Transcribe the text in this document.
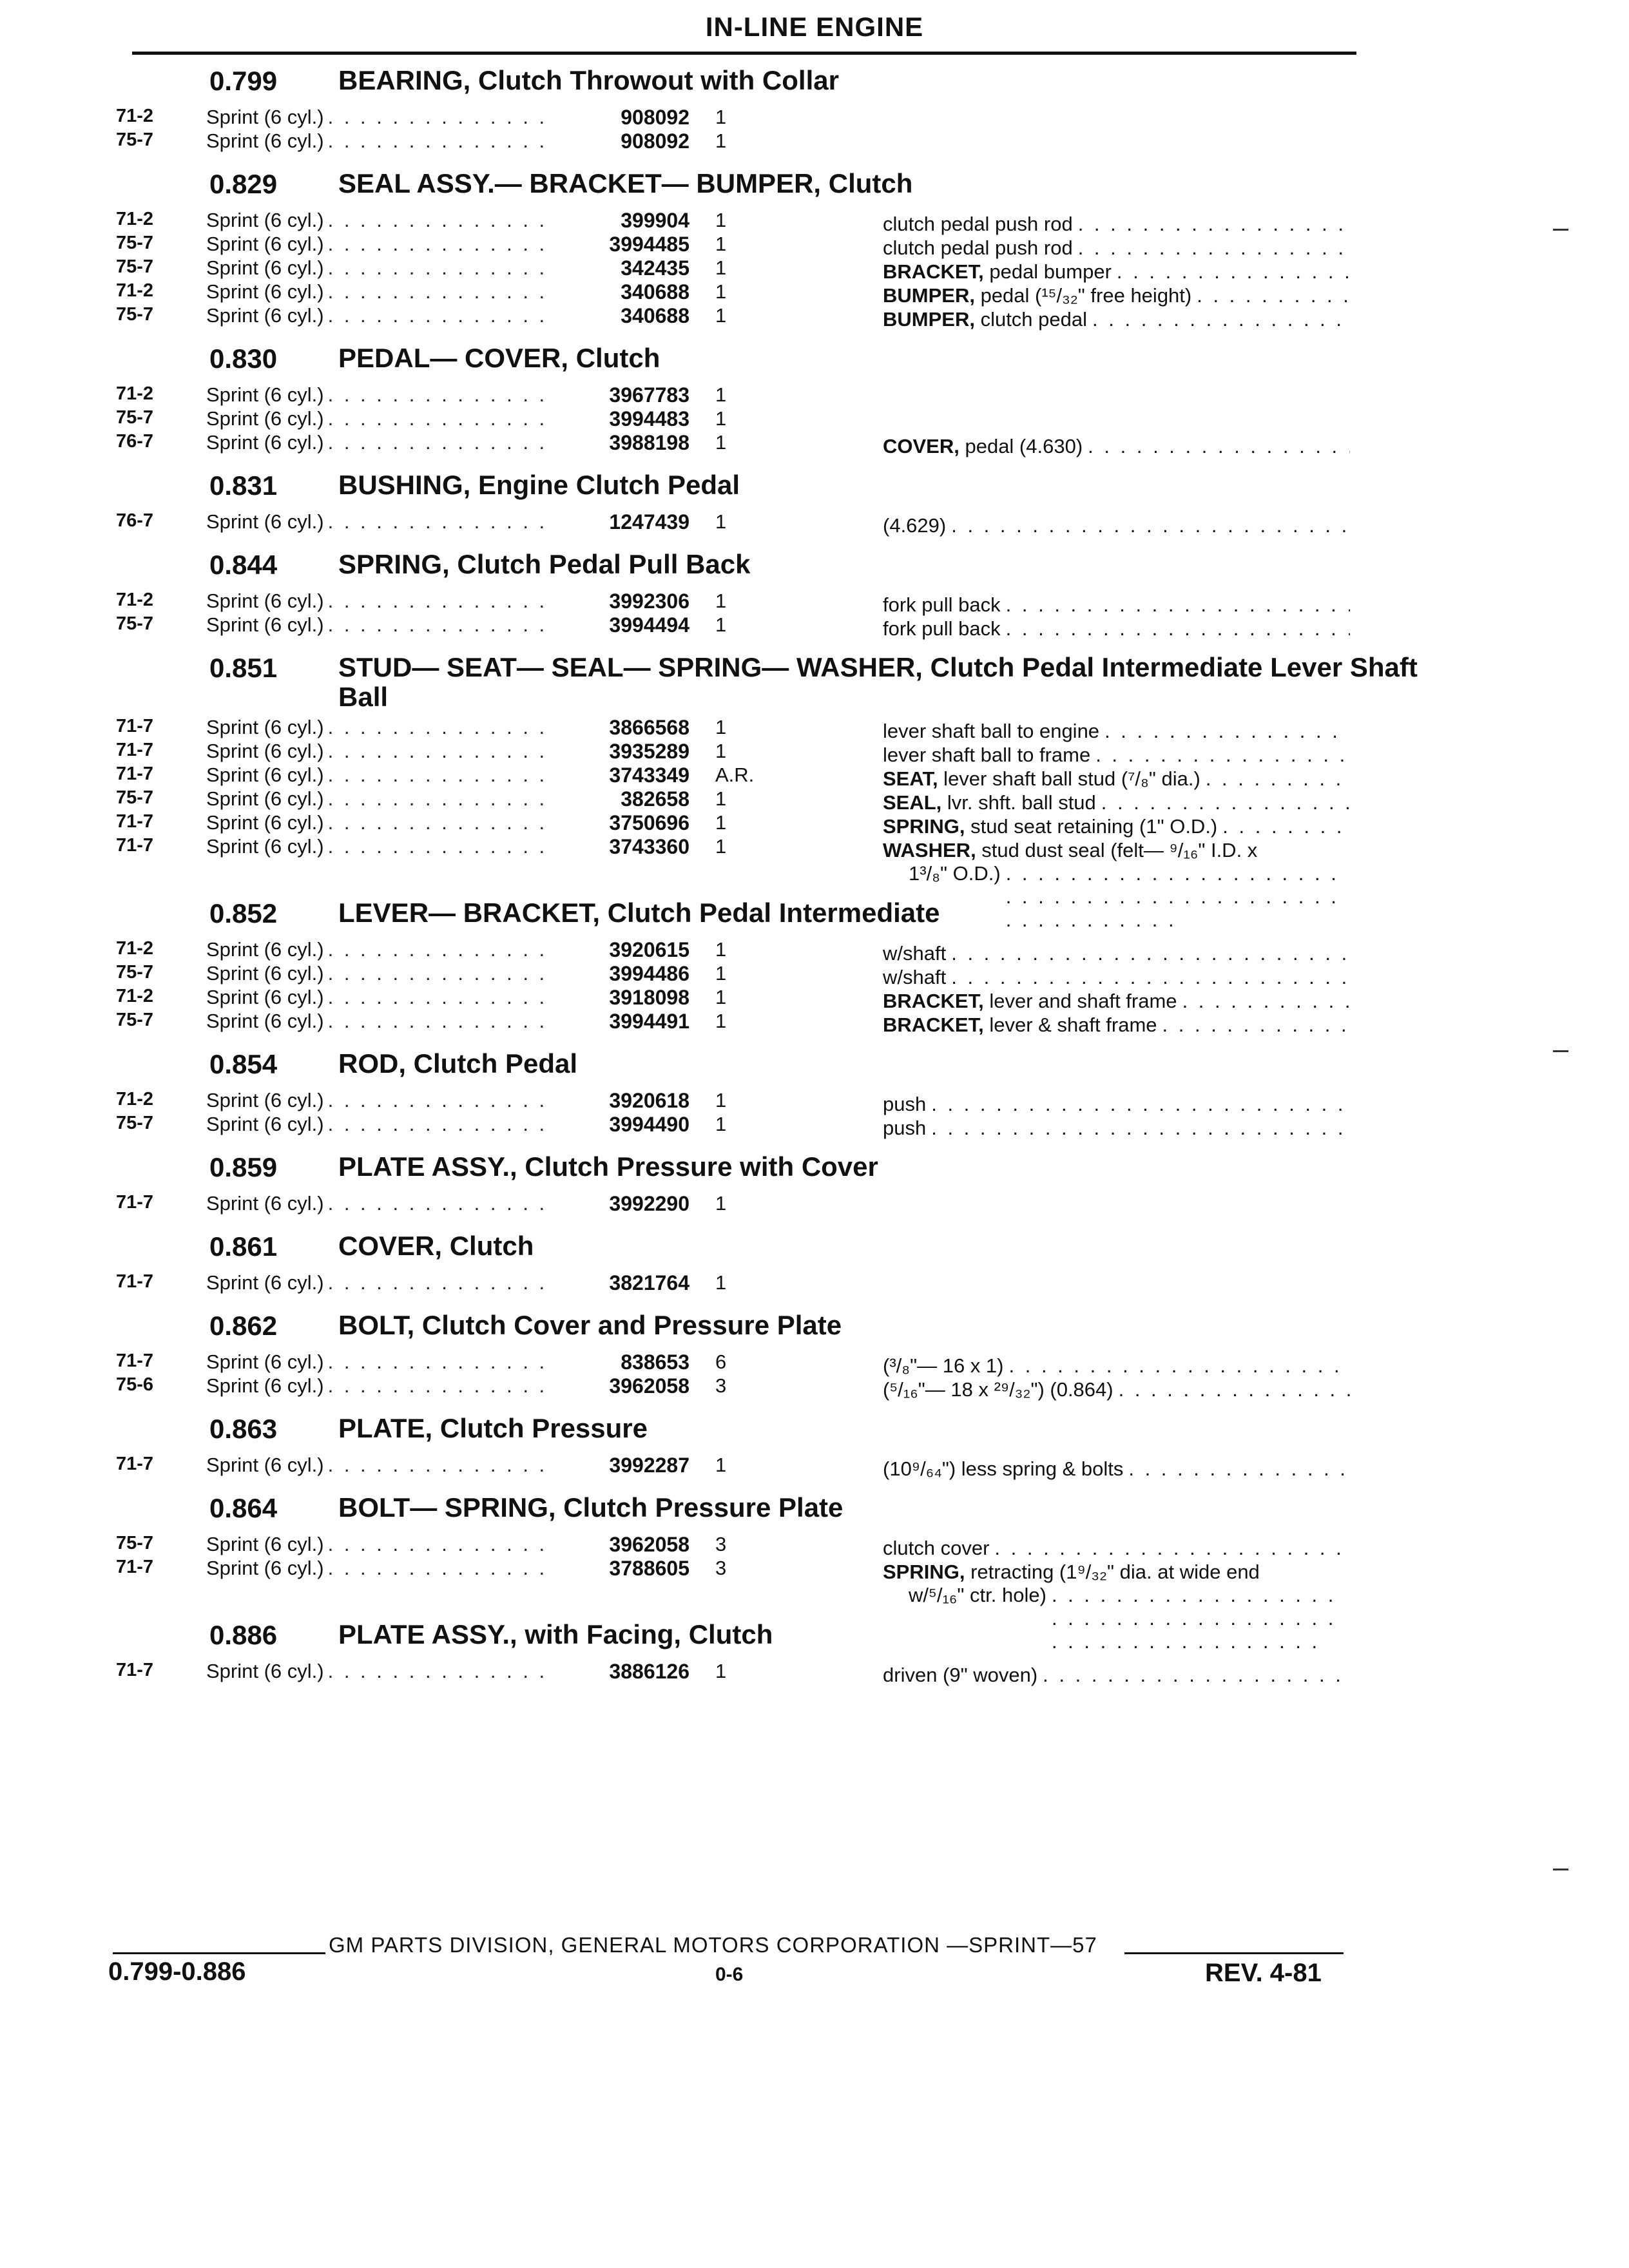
IN-LINE ENGINE
0.799 BEARING, Clutch Throwout with Collar
71-2	Sprint (6 cyl.) . . .	908092 1
75-7	Sprint (6 cyl.) . . .	908092 1
0.829 SEAL ASSY.— BRACKET— BUMPER, Clutch
71-2	Sprint (6 cyl.) . . .	399904 1	clutch pedal push rod
. . .
75-7	Sprint (6 cyl.) . . .	3994485 1	clutch pedal push rod
. . .
75-7	Sprint (6 cyl.) . . .	342435 1	BRACKET, pedal bumper
. . .
71-2	Sprint (6 cyl.) . . .	340688 1	BUMPER, pedal (¹⁵/₃₂" free height)
. . .
75-7	Sprint (6 cyl.) . . .	340688 1	BUMPER, clutch pedal
. . .
0.830 PEDAL— COVER, Clutch
71-2	Sprint (6 cyl.) . . .	3967783 1
75-7	Sprint (6 cyl.) . . .	3994483 1
76-7	Sprint (6 cyl.) . . .	3988198 1	COVER, pedal (4.630)
. . .
0.831 BUSHING, Engine Clutch Pedal
76-7	Sprint (6 cyl.) . . .	1247439 1	(4.629)
. . .
0.844 SPRING, Clutch Pedal Pull Back
71-2	Sprint (6 cyl.) . . .	3992306 1	fork pull back
. . .
75-7	Sprint (6 cyl.) . . .	3994494 1	fork pull back
. . .
0.851 STUD— SEAT— SEAL— SPRING— WASHER, Clutch Pedal Intermediate Lever Shaft Ball
71-7	Sprint (6 cyl.) . . .	3866568 1	lever shaft ball to engine
. . .
71-7	Sprint (6 cyl.) . . .	3935289 1	lever shaft ball to frame
. . .
71-7	Sprint (6 cyl.) . . .	3743349 A.R.	SEAT, lever shaft ball stud (⁷/₈" dia.)
. . .
75-7	Sprint (6 cyl.) . . .	382658 1	SEAL, lvr. shft. ball stud
. . .
71-7	Sprint (6 cyl.) . . .	3750696 1	SPRING, stud seat retaining (1" O.D.)
. . .
71-7	Sprint (6 cyl.) . . .	3743360 1	WASHER, stud dust seal (felt— ⁹/₁₆" I.D. x
1³/₈" O.D.)
. . .
0.852 LEVER— BRACKET, Clutch Pedal Intermediate
71-2	Sprint (6 cyl.) . . .	3920615 1	w/shaft
. . .
75-7	Sprint (6 cyl.) . . .	3994486 1	w/shaft
. . .
71-2	Sprint (6 cyl.) . . .	3918098 1	BRACKET, lever and shaft frame
. . .
75-7	Sprint (6 cyl.) . . .	3994491 1	BRACKET, lever & shaft frame
. . .
0.854 ROD, Clutch Pedal
71-2	Sprint (6 cyl.) . . .	3920618 1	push
. . .
75-7	Sprint (6 cyl.) . . .	3994490 1	push
. . .
0.859 PLATE ASSY., Clutch Pressure with Cover
71-7	Sprint (6 cyl.) . . .	3992290 1
0.861 COVER, Clutch
71-7	Sprint (6 cyl.) . . .	3821764 1
0.862 BOLT, Clutch Cover and Pressure Plate
71-7	Sprint (6 cyl.) . . .	838653 6	(³/₈"— 16 x 1)
. . .
75-6	Sprint (6 cyl.) . . .	3962058 3	(⁵/₁₆"— 18 x ²⁹/₃₂") (0.864)
. . .
0.863 PLATE, Clutch Pressure
71-7	Sprint (6 cyl.) . . .	3992287 1	(10⁹/₆₄") less spring & bolts
. . .
0.864 BOLT— SPRING, Clutch Pressure Plate
75-7	Sprint (6 cyl.) . . .	3962058 3	clutch cover
. . .
71-7	Sprint (6 cyl.) . . .	3788605 3	SPRING, retracting (1⁹/₃₂" dia. at wide end
w/⁵/₁₆" ctr. hole)
. . .
0.886 PLATE ASSY., with Facing, Clutch
71-7	Sprint (6 cyl.) . . .	3886126 1	driven (9" woven)
. . .
GM PARTS DIVISION, GENERAL MOTORS CORPORATION —SPRINT—57
0.799-0.886	0-6	REV. 4-81
